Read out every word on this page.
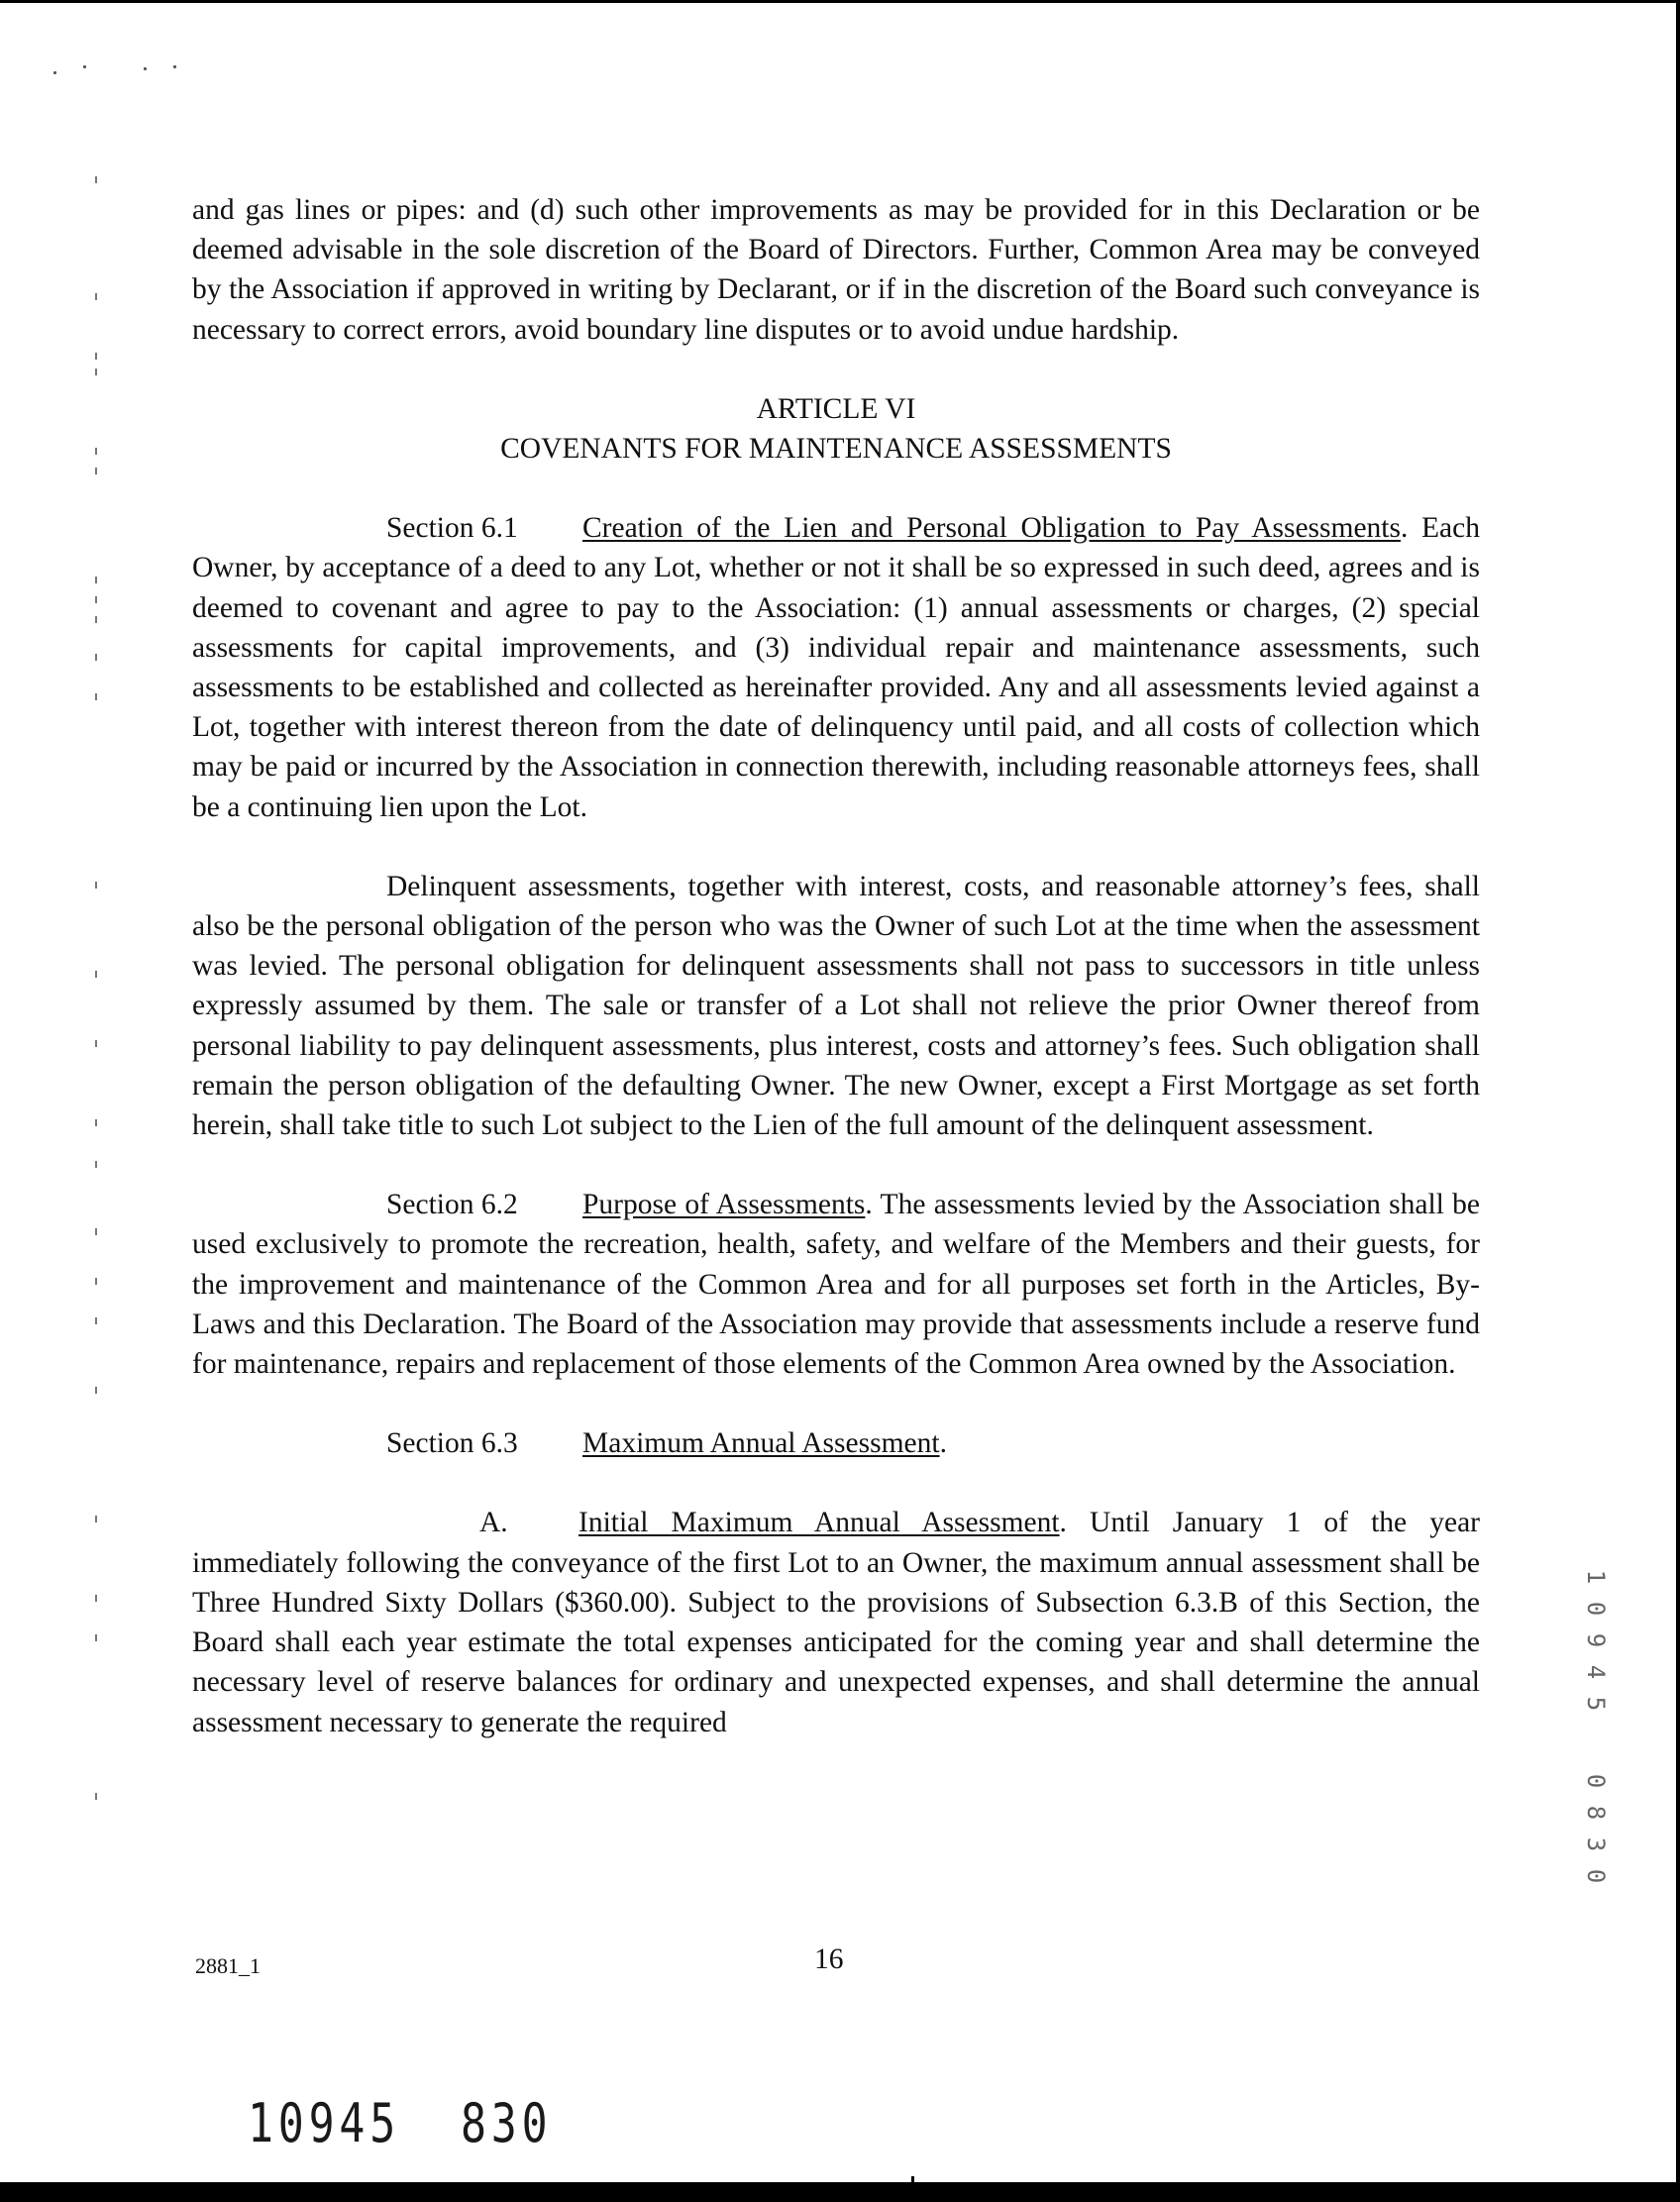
and gas lines or pipes: and (d) such other improvements as may be provided for in this Declaration or be deemed advisable in the sole discretion of the Board of Directors. Further, Common Area may be conveyed by the Association if approved in writing by Declarant, or if in the discretion of the Board such conveyance is necessary to correct errors, avoid boundary line disputes or to avoid undue hardship.

ARTICLE VI

COVENANTS FOR MAINTENANCE ASSESSMENTS

Section 6.1 Creation of the Lien and Personal Obligation to Pay Assessments. Each Owner, by acceptance of a deed to any Lot, whether or not it shall be so expressed in such deed, agrees and is deemed to covenant and agree to pay to the Association: (1) annual assessments or charges, (2) special assessments for capital improvements, and (3) individual repair and maintenance assessments, such assessments to be established and collected as hereinafter provided. Any and all assessments levied against a Lot, together with interest thereon from the date of delinquency until paid, and all costs of collection which may be paid or incurred by the Association in connection therewith, including reasonable attorneys fees, shall be a continuing lien upon the Lot.

Delinquent assessments, together with interest, costs, and reasonable attorney’s fees, shall also be the personal obligation of the person who was the Owner of such Lot at the time when the assessment was levied. The personal obligation for delinquent assessments shall not pass to successors in title unless expressly assumed by them. The sale or transfer of a Lot shall not relieve the prior Owner thereof from personal liability to pay delinquent assessments, plus interest, costs and attorney’s fees. Such obligation shall remain the person obligation of the defaulting Owner. The new Owner, except a First Mortgage as set forth herein, shall take title to such Lot subject to the Lien of the full amount of the delinquent assessment.

Section 6.2 Purpose of Assessments. The assessments levied by the Association shall be used exclusively to promote the recreation, health, safety, and welfare of the Members and their guests, for the improvement and maintenance of the Common Area and for all purposes set forth in the Articles, By-Laws and this Declaration. The Board of the Association may provide that assessments include a reserve fund for maintenance, repairs and replacement of those elements of the Common Area owned by the Association.

Section 6.3 Maximum Annual Assessment.

A. Initial Maximum Annual Assessment. Until January 1 of the year immediately following the conveyance of the first Lot to an Owner, the maximum annual assessment shall be Three Hundred Sixty Dollars ($360.00). Subject to the provisions of Subsection 6.3.B of this Section, the Board shall each year estimate the total expenses anticipated for the coming year and shall determine the necessary level of reserve balances for ordinary and unexpected expenses, and shall determine the annual assessment necessary to generate the required

2881_1	16
10945 830
1
0
9
4
5
0
8
3
0
